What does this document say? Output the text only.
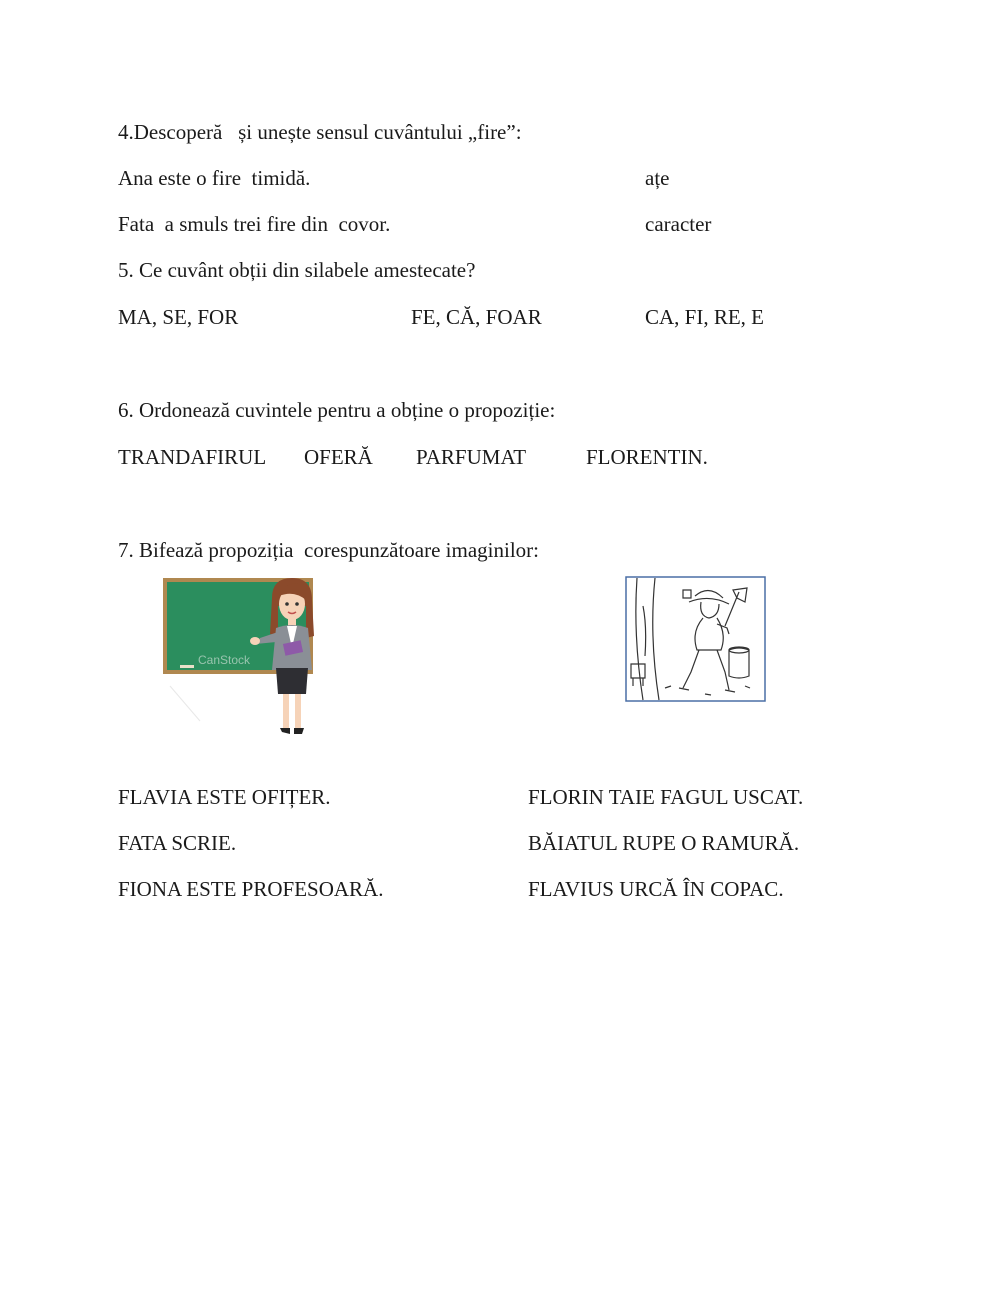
4.Descoperă   și unește sensul cuvântului „fire”:
Ana este o fire  timidă.	ațe
Fata  a smuls trei fire din  covor.	caracter
5. Ce cuvânt obții din silabele amestecate?
MA, SE, FOR	FE, CĂ, FOAR	CA, FI, RE, E
6. Ordonează cuvintele pentru a obține o propoziție:
TRANDAFIRUL OFERĂ PARFUMAT	FLORENTIN.
7. Bifează propoziția  corespunzătoare imaginilor:
CanStock
FLAVIA ESTE OFIȚER.	FLORIN TAIE FAGUL USCAT.
FATA SCRIE.	BĂIATUL RUPE O RAMURĂ.
FIONA ESTE PROFESOARĂ.	FLAVIUS URCĂ ÎN COPAC.
